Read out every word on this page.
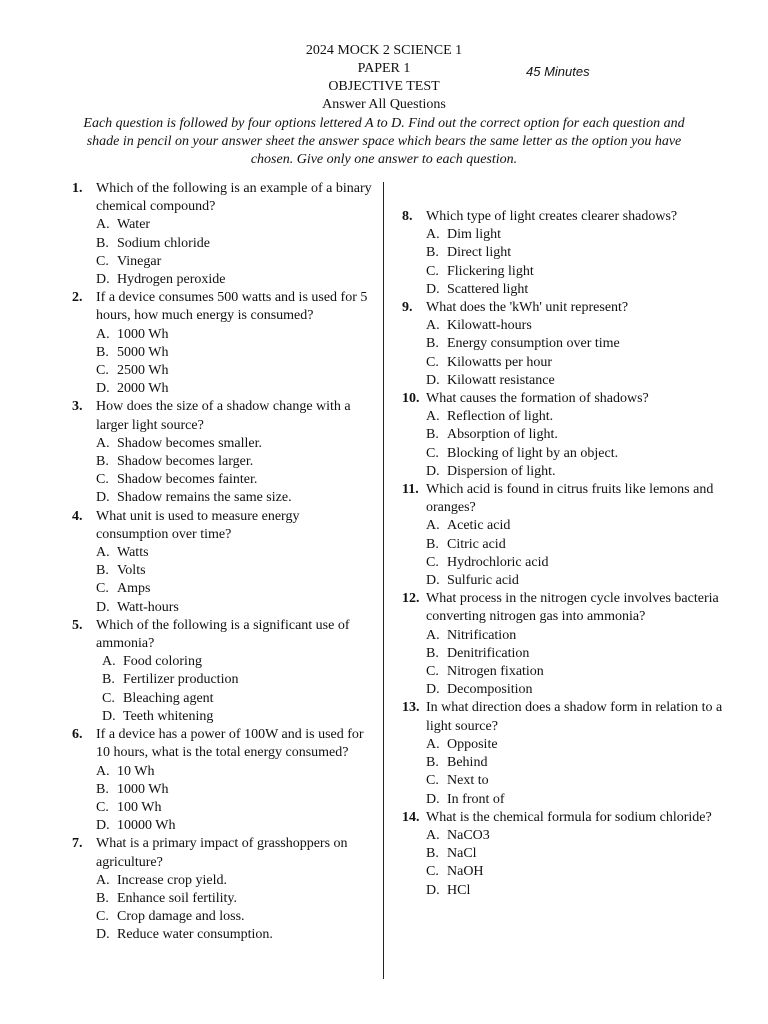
2024 MOCK 2 SCIENCE 1
PAPER 1
OBJECTIVE TEST
Answer All Questions
45 Minutes
Each question is followed by four options lettered A to D. Find out the correct option for each question and shade in pencil on your answer sheet the answer space which bears the same letter as the option you have chosen. Give only one answer to each question.
1. Which of the following is an example of a binary chemical compound?
A. Water
B. Sodium chloride
C. Vinegar
D. Hydrogen peroxide
2. If a device consumes 500 watts and is used for 5 hours, how much energy is consumed?
A. 1000 Wh
B. 5000 Wh
C. 2500 Wh
D. 2000 Wh
3. How does the size of a shadow change with a larger light source?
A. Shadow becomes smaller.
B. Shadow becomes larger.
C. Shadow becomes fainter.
D. Shadow remains the same size.
4. What unit is used to measure energy consumption over time?
A. Watts
B. Volts
C. Amps
D. Watt-hours
5. Which of the following is a significant use of ammonia?
A. Food coloring
B. Fertilizer production
C. Bleaching agent
D. Teeth whitening
6. If a device has a power of 100W and is used for 10 hours, what is the total energy consumed?
A. 10 Wh
B. 1000 Wh
C. 100 Wh
D. 10000 Wh
7. What is a primary impact of grasshoppers on agriculture?
A. Increase crop yield.
B. Enhance soil fertility.
C. Crop damage and loss.
D. Reduce water consumption.
8. Which type of light creates clearer shadows?
A. Dim light
B. Direct light
C. Flickering light
D. Scattered light
9. What does the 'kWh' unit represent?
A. Kilowatt-hours
B. Energy consumption over time
C. Kilowatts per hour
D. Kilowatt resistance
10. What causes the formation of shadows?
A. Reflection of light.
B. Absorption of light.
C. Blocking of light by an object.
D. Dispersion of light.
11. Which acid is found in citrus fruits like lemons and oranges?
A. Acetic acid
B. Citric acid
C. Hydrochloric acid
D. Sulfuric acid
12. What process in the nitrogen cycle involves bacteria converting nitrogen gas into ammonia?
A. Nitrification
B. Denitrification
C. Nitrogen fixation
D. Decomposition
13. In what direction does a shadow form in relation to a light source?
A. Opposite
B. Behind
C. Next to
D. In front of
14. What is the chemical formula for sodium chloride?
A. NaCO3
B. NaCl
C. NaOH
D. HCl
